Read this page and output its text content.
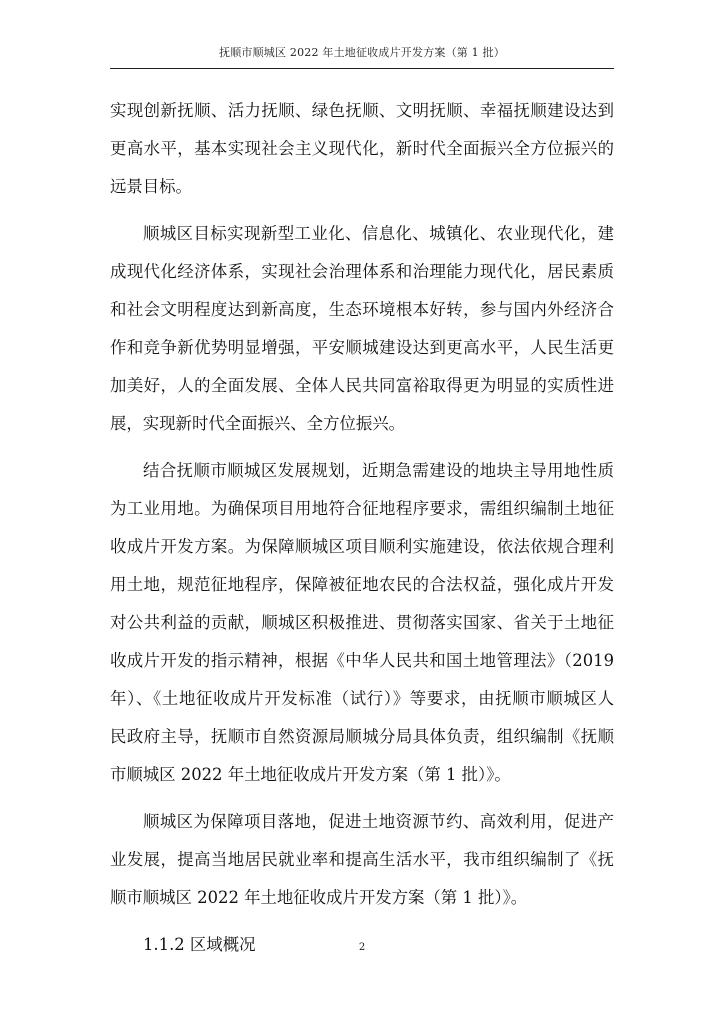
抚顺市顺城区 2022 年土地征收成片开发方案（第 1 批）
实现创新抚顺、活力抚顺、绿色抚顺、文明抚顺、幸福抚顺建设达到
更高水平，基本实现社会主义现代化，新时代全面振兴全方位振兴的
远景目标。
顺城区目标实现新型工业化、信息化、城镇化、农业现代化，建
成现代化经济体系，实现社会治理体系和治理能力现代化，居民素质
和社会文明程度达到新高度，生态环境根本好转，参与国内外经济合
作和竞争新优势明显增强，平安顺城建设达到更高水平，人民生活更
加美好，人的全面发展、全体人民共同富裕取得更为明显的实质性进
展，实现新时代全面振兴、全方位振兴。
结合抚顺市顺城区发展规划，近期急需建设的地块主导用地性质
为工业用地。为确保项目用地符合征地程序要求，需组织编制土地征
收成片开发方案。为保障顺城区项目顺利实施建设，依法依规合理利
用土地，规范征地程序，保障被征地农民的合法权益，强化成片开发
对公共利益的贡献，顺城区积极推进、贯彻落实国家、省关于土地征
收成片开发的指示精神，根据《中华人民共和国土地管理法》（2019
年）、《土地征收成片开发标准（试行）》等要求，由抚顺市顺城区人
民政府主导，抚顺市自然资源局顺城分局具体负责，组织编制《抚顺
市顺城区 2022 年土地征收成片开发方案（第 1 批）》。
顺城区为保障项目落地，促进土地资源节约、高效利用，促进产
业发展，提高当地居民就业率和提高生活水平，我市组织编制了《抚
顺市顺城区 2022 年土地征收成片开发方案（第 1 批）》。
1.1.2 区域概况	2
